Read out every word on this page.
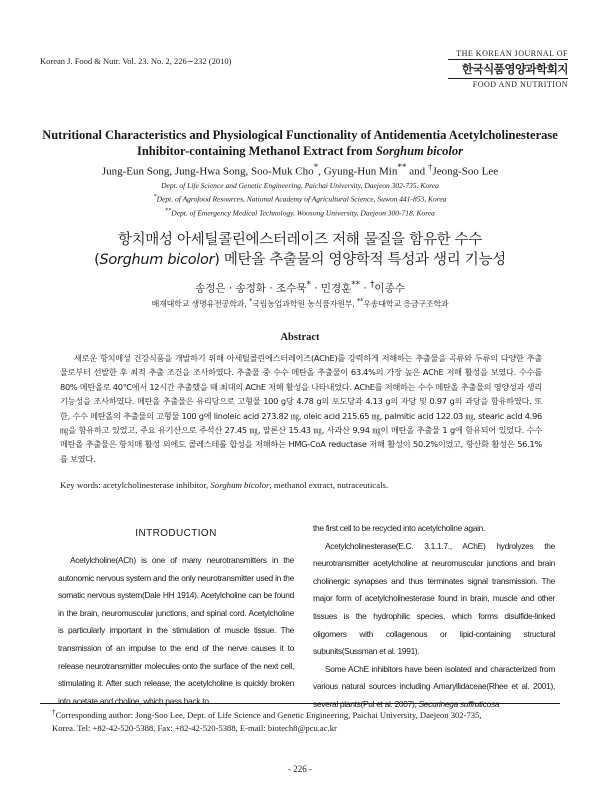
Korean J. Food & Nutr. Vol. 23. No. 2, 226∼232 (2010)
THE KOREAN JOURNAL OF
한국식품영양과학회지
FOOD AND NUTRITION
Nutritional Characteristics and Physiological Functionality of Antidementia Acetylcholinesterase
Inhibitor-containing Methanol Extract from Sorghum bicolor
Jung-Eun Song, Jung-Hwa Song, Soo-Muk Cho*, Gyung-Hun Min** and †Jeong-Soo Lee
Dept. of Life Science and Genetic Engineering, Paichai University, Daejeon 302-735, Korea
*Dept. of Agrofood Resources, National Academy of Agricultural Science, Suwon 441-853, Korea
**Dept. of Emergency Medical Technology, Woosong University, Daejeon 300-718, Korea
항치매성 아세틸콜린에스터레이즈 저해 물질을 함유한 수수
(Sorghum bicolor) 메탄올 추출물의 영양학적 특성과 생리 기능성
송정은 · 송정화 · 조수묵* · 민경훈** · †이종수
배재대학교 생명유전공학과, *국립농업과학원 농식품자원부, **우송대학교 응급구조학과
Abstract

새로운 항치매성 건강식품을 개발하기 위해 아세틸콜린에스터레이즈(AChE)를 강력하게 저해하는 추출물을 곡류와 두류의 다양한 추출물로부터 선발한 후 최적 추출 조건을 조사하였다. 추출물 중 수수 메탄올 추출물이 63.4%의 가장 높은 AChE 저해 활성을 보였다. 수수를 80% 메탄올로 40℃에서 12시간 추출했을 때 최대의 AChE 저해 활성을 나타내었다. AChE를 저해하는 수수 메탄올 추출물의 영양성과 생리 기능성을 조사하였다. 메탄올 추출물은 유리당으로 고형물 100 g당 4.78 g의 포도당과 4.13 g의 자당 및 0.97 g의 과당을 함유하였다. 또한, 수수 메탄올의 추출물의 고형물 100 g에 linoleic acid 273.82 ㎎, oleic acid 215.65 ㎎, palmitic acid 122.03 ㎎, stearic acid 4.96 ㎎을 함유하고 있었고, 주요 유기산으로 주석산 27.45 ㎎, 말론산 15.43 ㎎, 사과산 9.94 ㎎이 메탄올 추출물 1 g에 함유되어 있었다. 수수 메탄올 추출물은 항치매 활성 외에도 콜레스테롤 합성을 저해하는 HMG-CoA reductase 저해 활성이 50.2%이었고, 항산화 활성은 56.1%를 보였다.

Key words: acetylcholinesterase inhibitor, Sorghum bicolor, methanol extract, nutraceuticals.
INTRODUCTION

Acetylcholine(ACh) is one of many neurotransmitters in the autonomic nervous system and the only neurotransmitter used in the somatic nervous system(Dale HH 1914). Acetylcholine can be found in the brain, neuromuscular junctions, and spinal cord. Acetylcholine is particularly important in the stimulation of muscle tissue. The transmission of an impulse to the end of the nerve causes it to release neurotransmitter molecules onto the surface of the next cell, stimulating it. After such release, the acetylcholine is quickly broken into acetate and choline, which pass back to

the first cell to be recycled into acetylcholine again.

Acetylcholinesterase(E.C. 3.1.1.7., AChE) hydrolyzes the neurotransmitter acetylcholine at neuromuscular junctions and brain cholinergic synapses and thus terminates signal transmission. The major form of acetylcholinesterase found in brain, muscle and other tissues is the hydrophilic species, which forms disulfide-linked oligomers with collagenous or lipid-containing structural subunits(Sussman et al. 1991).

Some AChE inhibitors have been isolated and characterized from various natural sources including Amaryllidaceae(Rhee et al. 2001), several plants(Pul et al. 2007), Securinega suffruticosa

†Corresponding author: Jong-Soo Lee, Dept. of Life Science and Genetic Engineering, Paichai University, Daejeon 302-735,
Korea. Tel: +82-42-520-5388, Fax: +82-42-520-5388, E-mail: biotech8@pcu.ac.kr
- 226 -
